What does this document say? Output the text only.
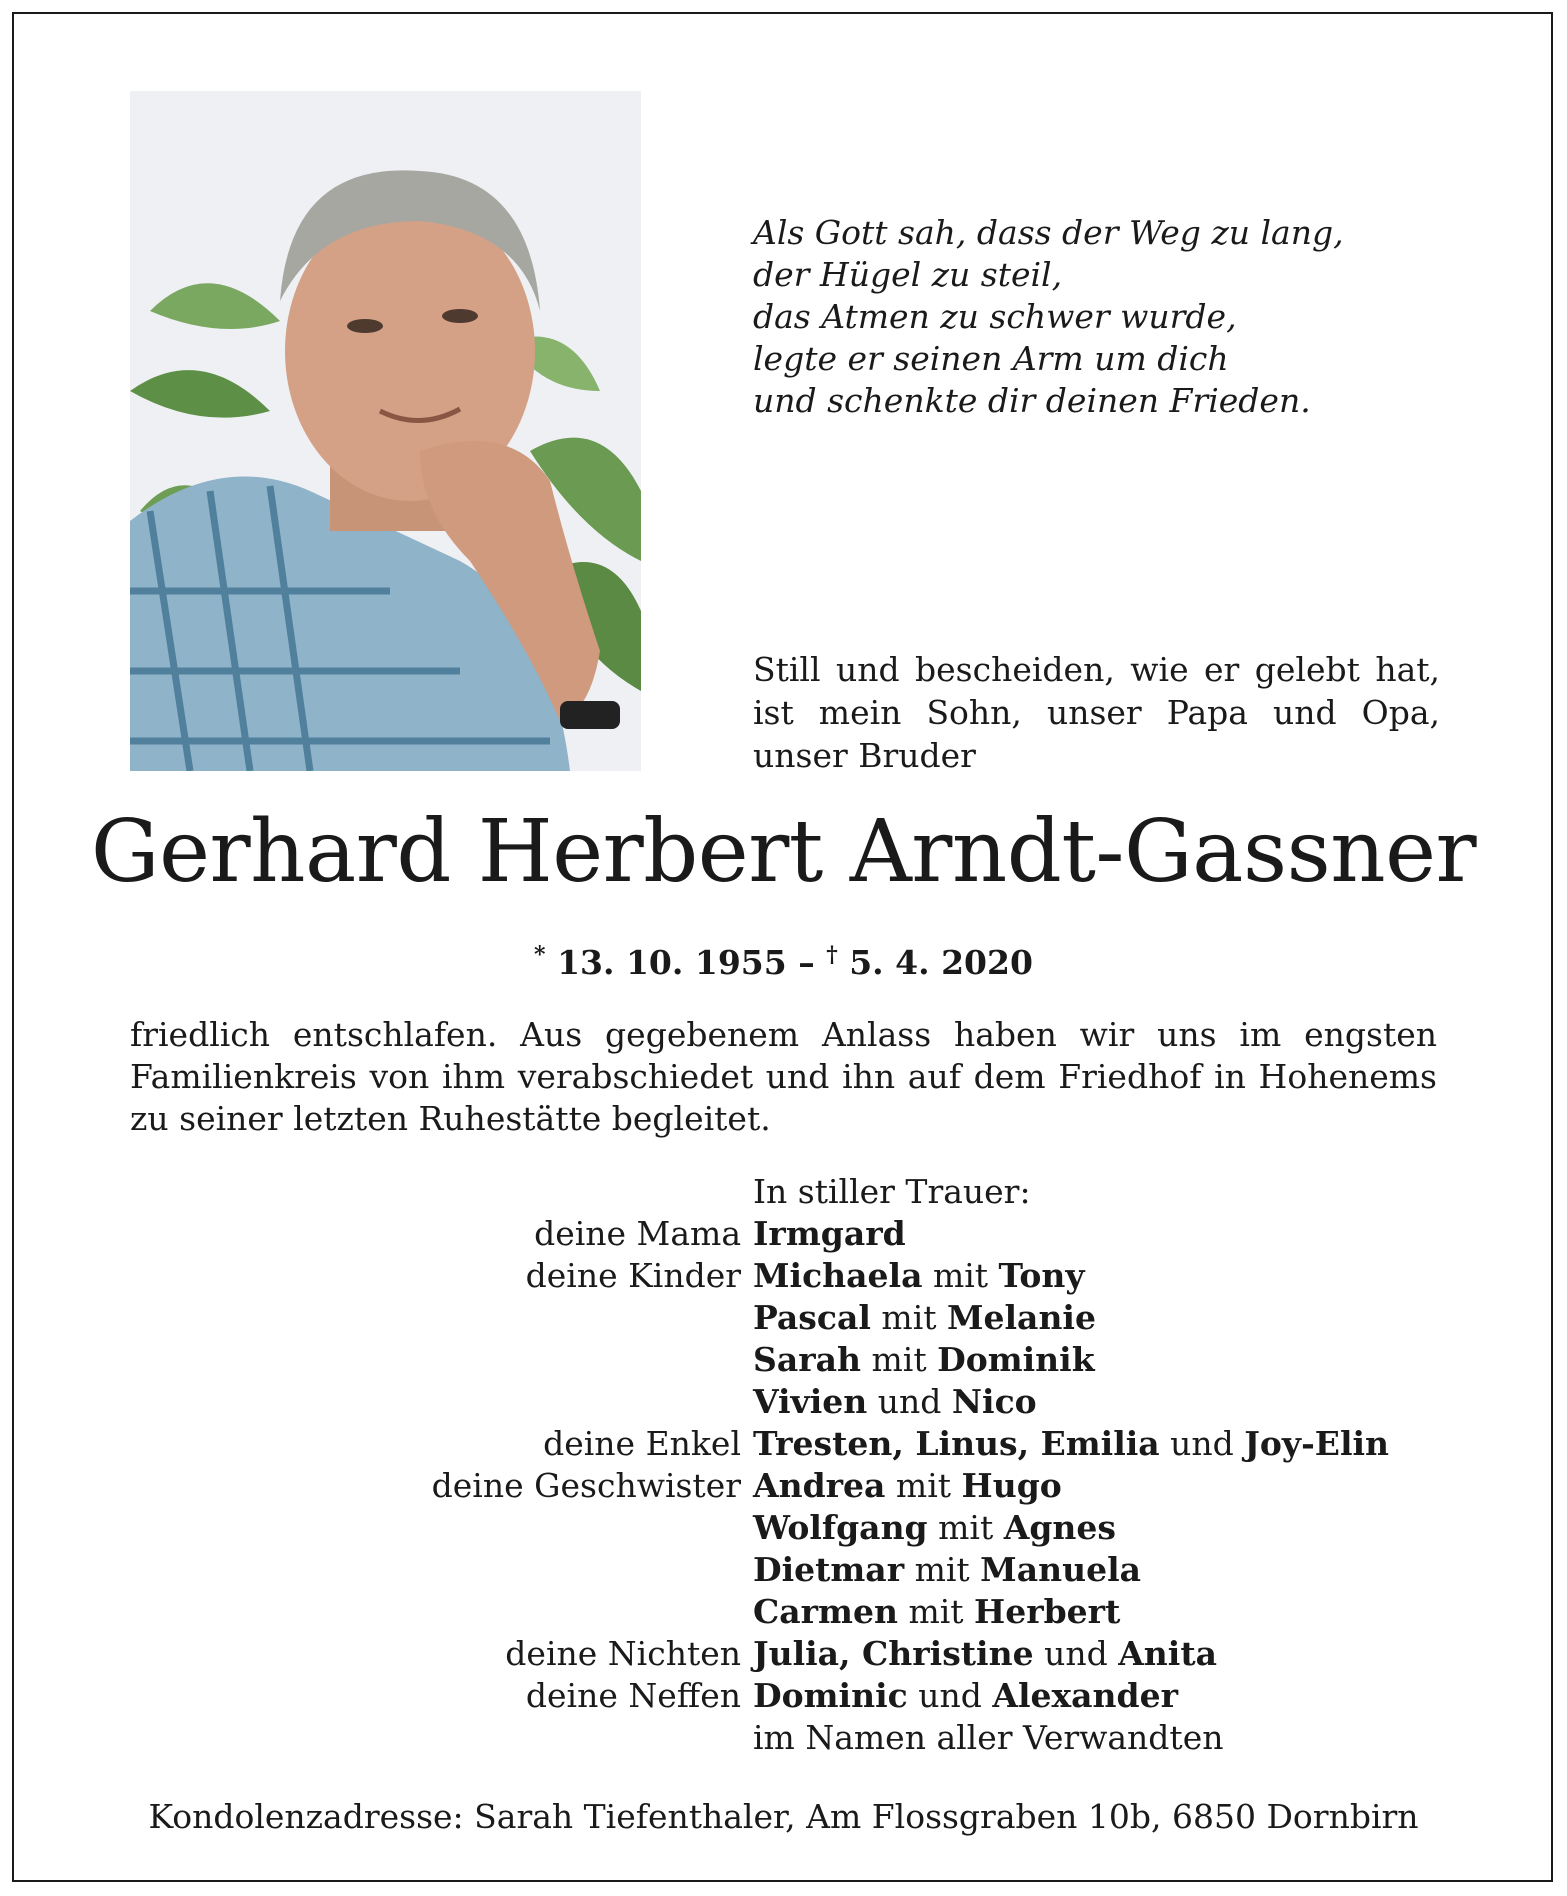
Als Gott sah, dass der Weg zu lang,
der Hügel zu steil,
das Atmen zu schwer wurde,
legte er seinen Arm um dich
und schenkte dir deinen Frieden.
Still und bescheiden, wie er gelebt hat,
ist mein Sohn, unser Papa und Opa,
unser Bruder
Gerhard Herbert Arndt-Gassner
* 13. 10. 1955 – † 5. 4. 2020
friedlich entschlafen. Aus gegebenem Anlass haben wir uns im engsten
Familienkreis von ihm verabschiedet und ihn auf dem Friedhof in Hohenems
zu seiner letzten Ruhestätte begleitet.
In stiller Trauer:
deine Mama Irmgard
deine Kinder Michaela mit Tony
Pascal mit Melanie
Sarah mit Dominik
Vivien und Nico
deine Enkel Tresten, Linus, Emilia und Joy-Elin
deine Geschwister Andrea mit Hugo
Wolfgang mit Agnes
Dietmar mit Manuela
Carmen mit Herbert
deine Nichten Julia, Christine und Anita
deine Neffen Dominic und Alexander
im Namen aller Verwandten
Kondolenzadresse: Sarah Tiefenthaler, Am Flossgraben 10b, 6850 Dornbirn
